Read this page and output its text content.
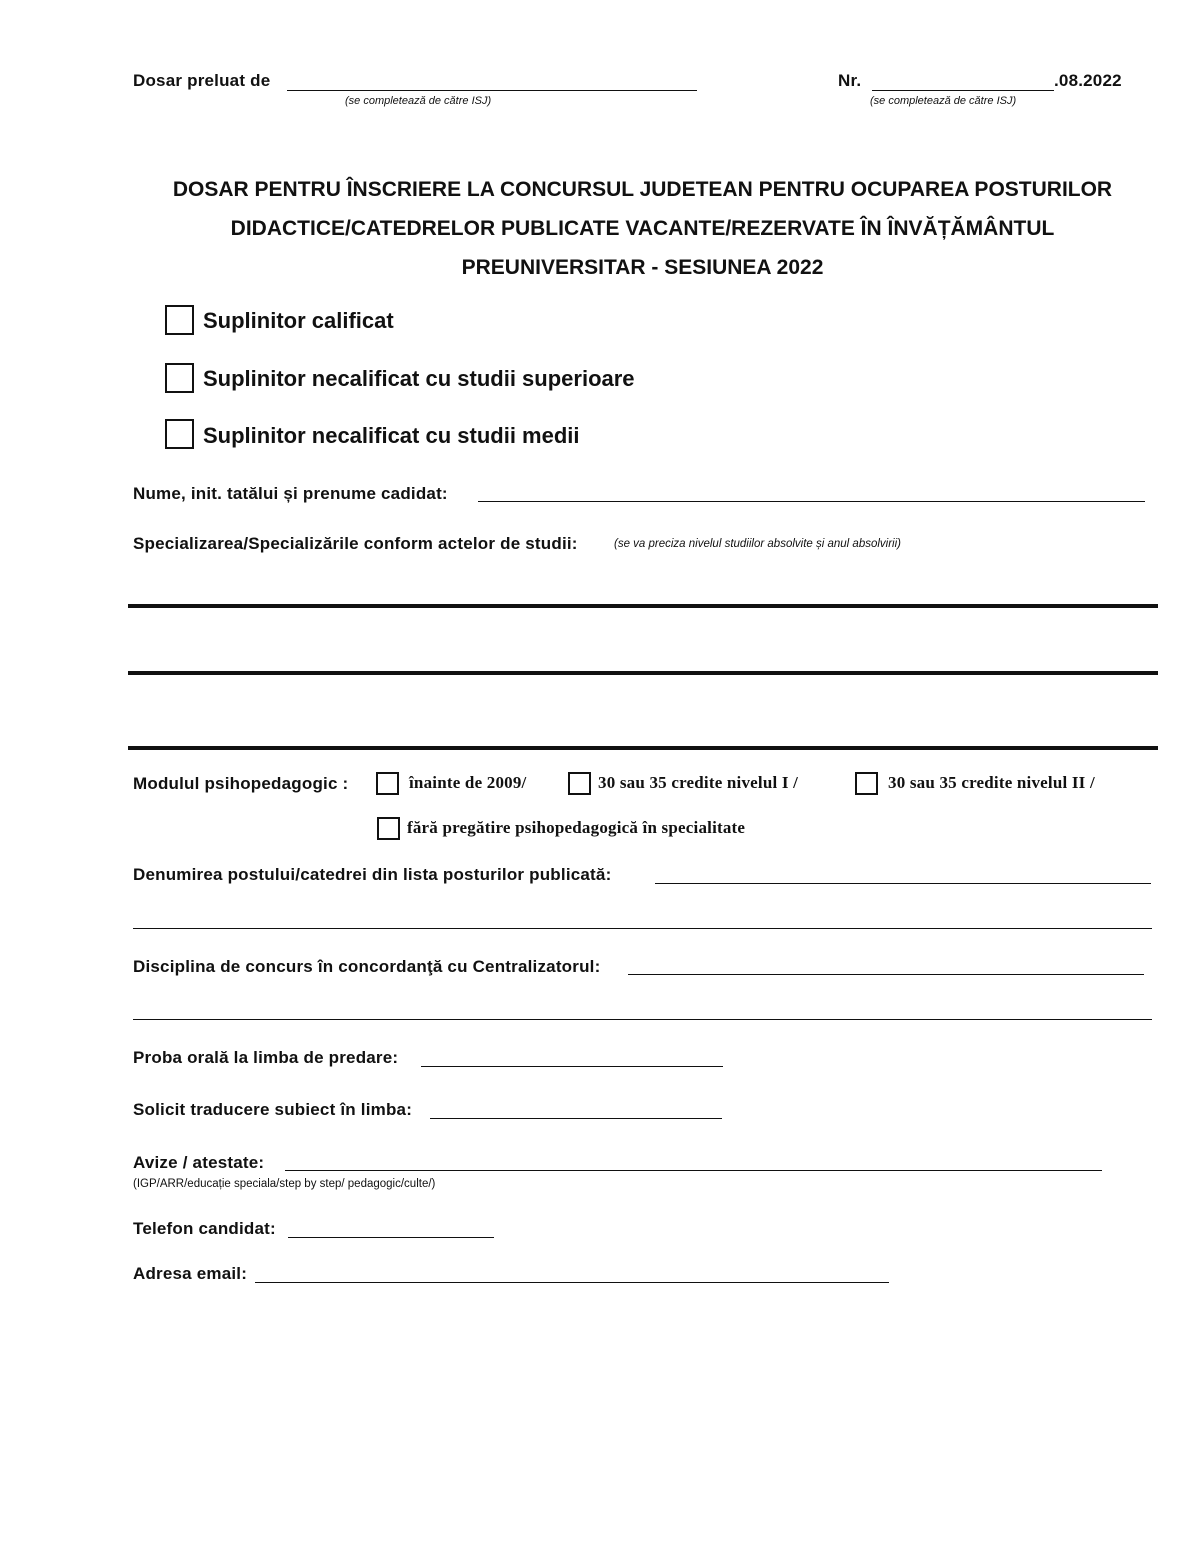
Dosar preluat de
(se completează de către ISJ)
Nr.	.08.2022
(se completează de către ISJ)
DOSAR PENTRU ÎNSCRIERE LA CONCURSUL JUDETEAN PENTRU OCUPAREA POSTURILOR
DIDACTICE/CATEDRELOR PUBLICATE VACANTE/REZERVATE ÎN ÎNVĂȚĂMÂNTUL
PREUNIVERSITAR - SESIUNEA 2022
Suplinitor calificat
Suplinitor necalificat cu studii superioare
Suplinitor necalificat cu studii medii
Nume, init. tatălui și prenume cadidat:
Specializarea/Specializările conform actelor de studii:	(se va preciza nivelul studiilor absolvite și anul absolvirii)
Modulul psihopedagogic :	înainte de 2009/	30 sau 35 credite nivelul I /	30 sau 35 credite nivelul II /
fără pregătire psihopedagogică în specialitate
Denumirea postului/catedrei din lista posturilor publicată:
Disciplina de concurs în concordanţă cu Centralizatorul:
Proba orală la limba de predare:
Solicit traducere subiect în limba:
Avize / atestate:
(IGP/ARR/educație speciala/step by step/ pedagogic/culte/)
Telefon candidat:
Adresa email:
